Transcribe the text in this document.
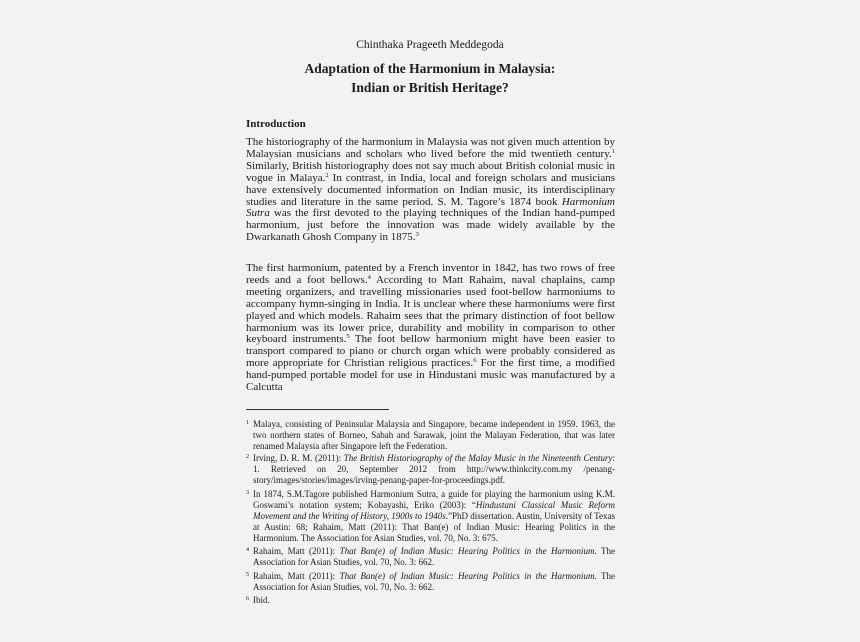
Chinthaka Prageeth Meddegoda
Adaptation of the Harmonium in Malaysia:
Indian or British Heritage?
Introduction
The historiography of the harmonium in Malaysia was not given much attention by Malaysian musicians and scholars who lived before the mid twentieth century.$^1$ Similarly, British historiography does not say much about British colonial music in vogue in Malaya.$^2$ In contrast, in India, local and foreign scholars and musicians have extensively documented information on Indian music, its interdisciplinary studies and literature in the same period. S. M. Tagore’s 1874 book Harmonium Sutra was the first devoted to the playing techniques of the Indian hand-pumped harmonium, just before the innovation was made widely available by the Dwarkanath Ghosh Company in 1875.$^3$
The first harmonium, patented by a French inventor in 1842, has two rows of free reeds and a foot bellows.$^4$ According to Matt Rahaim, naval chaplains, camp meeting organizers, and travelling missionaries used foot-bellow harmoniums to accompany hymn-singing in India. It is unclear where these harmoniums were first played and which models. Rahaim sees that the primary distinction of foot bellow harmonium was its lower price, durability and mobility in comparison to other keyboard instruments.$^5$ The foot bellow harmonium might have been easier to transport compared to piano or church organ which were probably considered as more appropriate for Christian religious practices.$^6$ For the first time, a modified hand-pumped portable model for use in Hindustani music was manufactured by a Calcutta
$^1$ Malaya, consisting of Peninsular Malaysia and Singapore, became independent in 1959. 1963, the two northern states of Borneo, Sabah and Sarawak, joint the Malayan Federation, that was later renamed Malaysia after Singapore left the Federation.
$^2$ Irving, D. R. M. (2011): The British Historiography of the Malay Music in the Nineteenth Century: 1. Retrieved on 20, September 2012 from http://www.thinkcity.com.my /penang-story/images/stories/images/irving-penang-paper-for-proceedings.pdf.
$^3$ In 1874, S.M.Tagore published Harmonium Sutra, a guide for playing the harmonium using K.M. Goswami’s notation system; Kobayashi, Eriko (2003): “Hindustani Classical Music Reform Movement and the Writing of History, 1900s to 1940s.”PhD dissertation. Austin, University of Texas at Austin: 68; Rahaim, Matt (2011): That Ban(e) of Indian Music: Hearing Politics in the Harmonium. The Association for Asian Studies, vol. 70, No. 3: 675.
$^4$ Rahaim, Matt (2011): That Ban(e) of Indian Music: Hearing Politics in the Harmonium. The Association for Asian Studies, vol. 70, No. 3: 662.
$^5$ Rahaim, Matt (2011): That Ban(e) of Indian Music: Hearing Politics in the Harmonium. The Association for Asian Studies, vol. 70, No. 3: 662.
$^6$ Ibid.
